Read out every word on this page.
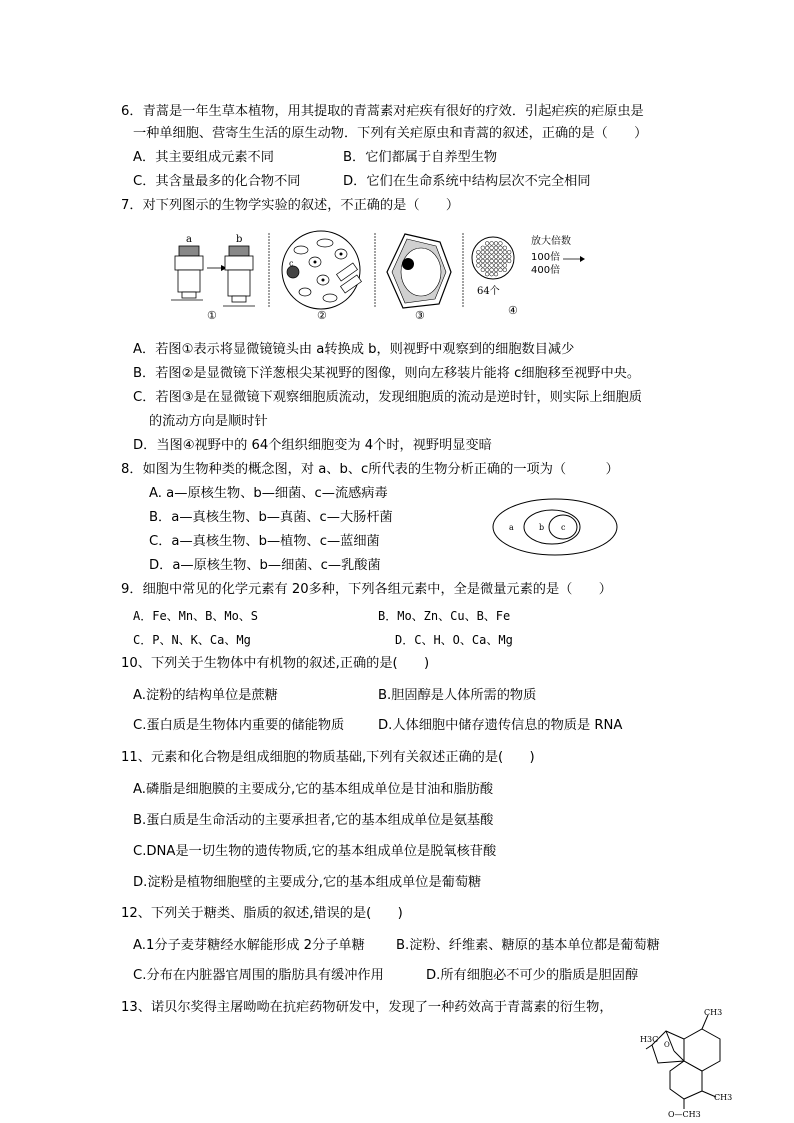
6．青蒿是一年生草本植物，用其提取的青蒿素对疟疾有很好的疗效．引起疟疾的疟原虫是
一种单细胞、营寄生生活的原生动物．下列有关疟原虫和青蒿的叙述，正确的是（　　）
A．其主要组成元素不同	B．它们都属于自养型生物
C．其含量最多的化合物不同	D．它们在生命系统中结构层次不完全相同
7．对下列图示的生物学实验的叙述，不正确的是（　　）
a	b
①
c
②	③
64个
④
放大倍数
100倍
400倍
A．若图①表示将显微镜镜头由 a转换成 b，则视野中观察到的细胞数目减少
B．若图②是显微镜下洋葱根尖某视野的图像，则向左移装片能将 c细胞移至视野中央。
C．若图③是在显微镜下观察细胞质流动，发现细胞质的流动是逆时针，则实际上细胞质
的流动方向是顺时针
D．当图④视野中的 64个组织细胞变为 4个时，视野明显变暗
8．如图为生物种类的概念图，对 a、b、c所代表的生物分析正确的一项为（　　　）
A. a—原核生物、b—细菌、c—流感病毒
B．a—真核生物、b—真菌、c—大肠杆菌
C．a—真核生物、b—植物、c—蓝细菌
D．a—原核生物、b—细菌、c—乳酸菌
a	b c
9．细胞中常见的化学元素有 20多种，下列各组元素中，全是微量元素的是（　　）
A．Fe、Mn、B、Mo、S	B．Mo、Zn、Cu、B、Fe
C．P、N、K、Ca、Mg	D．C、H、O、Ca、Mg
10、下列关于生物体中有机物的叙述,正确的是(　　)
A.淀粉的结构单位是蔗糖	B.胆固醇是人体所需的物质
C.蛋白质是生物体内重要的储能物质	D.人体细胞中储存遗传信息的物质是 RNA
11、元素和化合物是组成细胞的物质基础,下列有关叙述正确的是(　　)
A.磷脂是细胞膜的主要成分,它的基本组成单位是甘油和脂肪酸
B.蛋白质是生命活动的主要承担者,它的基本组成单位是氨基酸
C.DNA是一切生物的遗传物质,它的基本组成单位是脱氧核苷酸
D.淀粉是植物细胞壁的主要成分,它的基本组成单位是葡萄糖
12、下列关于糖类、脂质的叙述,错误的是(　　)
A.1分子麦芽糖经水解能形成 2分子单糖 B.淀粉、纤维素、糖原的基本单位都是葡萄糖
C.分布在内脏器官周围的脂肪具有缓冲作用	D.所有细胞必不可少的脂质是胆固醇
13、诺贝尔奖得主屠呦呦在抗疟药物研发中，发现了一种药效高于青蒿素的衍生物，
O
CH3
H3C
CH3
O—CH3
